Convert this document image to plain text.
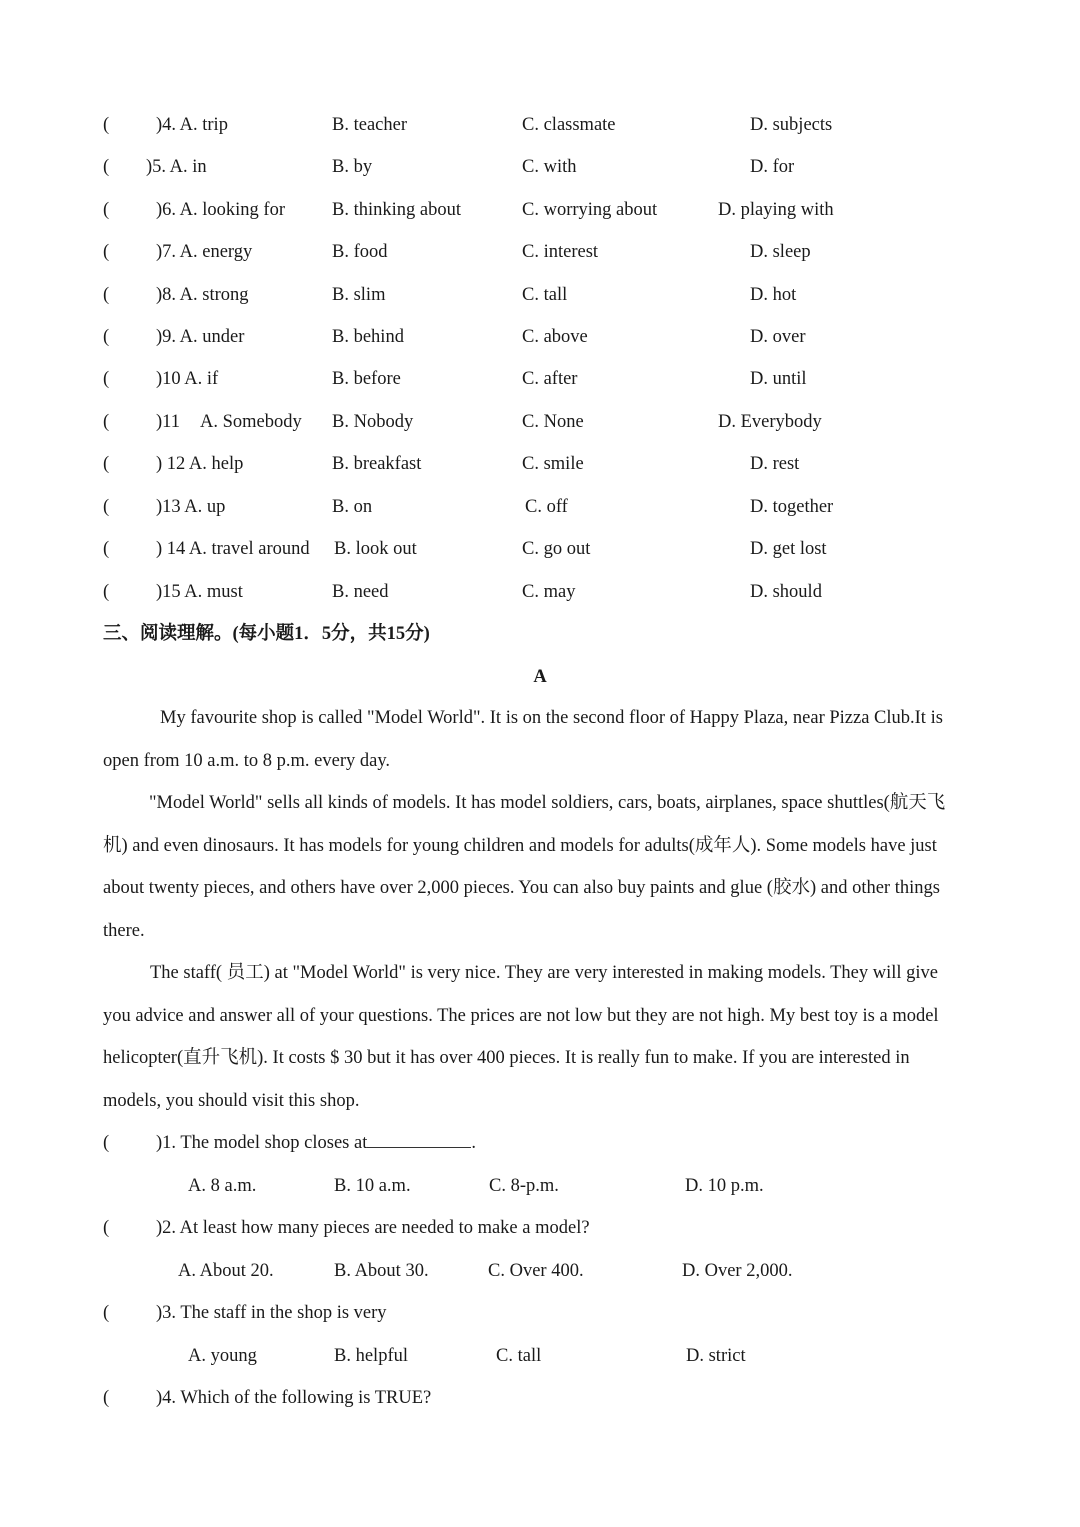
(	)4. A. trip	B. teacher	C. classmate	D. subjects
( )5. A. in	B. by	C. with	D. for
(	)6. A. looking for	B. thinking about	C. worrying about	D. playing with
(	)7. A. energy	B. food	C. interest	D. sleep
(	)8. A. strong	B. slim	C. tall	D. hot
(	)9. A. under	B. behind	C. above	D. over
(	)10 A. if	B. before	C. after	D. until
(	)11 A. Somebody B. Nobody	C. None	D. Everybody
(	) 12 A. help	B. breakfast	C. smile	D. rest
(	)13 A. up	B. on	C. off	D. together
(	) 14 A. travel around B. look out	C. go out	D. get lost
(	)15 A. must	B. need	C. may	D. should
三、阅读理解。(每小题1．5分，共15分)
A
My favourite shop is called "Model World". It is on the second floor of Happy Plaza, near Pizza Club.It is
open from 10 a.m. to 8 p.m. every day.
"Model World" sells all kinds of models. It has model soldiers, cars, boats, airplanes, space shuttles(航天飞
机) and even dinosaurs. It has models for young children and models for adults(成年人). Some models have just
about twenty pieces, and others have over 2,000 pieces. You can also buy paints and glue (胶水) and other things
there.
The staff( 员工) at "Model World" is very nice. They are very interested in making models. They will give
you advice and answer all of your questions. The prices are not low but they are not high. My best toy is a model
helicopter(直升飞机). It costs $ 30 but it has over 400 pieces. It is really fun to make. If you are interested in
models, you should visit this shop.
(	)1. The model shop closes at	.
A. 8 a.m.	B. 10 a.m.	C. 8-p.m.	D. 10 p.m.
(	)2. At least how many pieces are needed to make a model?
A. About 20.	B. About 30.	C. Over 400.	D. Over 2,000.
(	)3. The staff in the shop is very
A. young	B. helpful	C. tall	D. strict
(	)4. Which of the following is TRUE?
